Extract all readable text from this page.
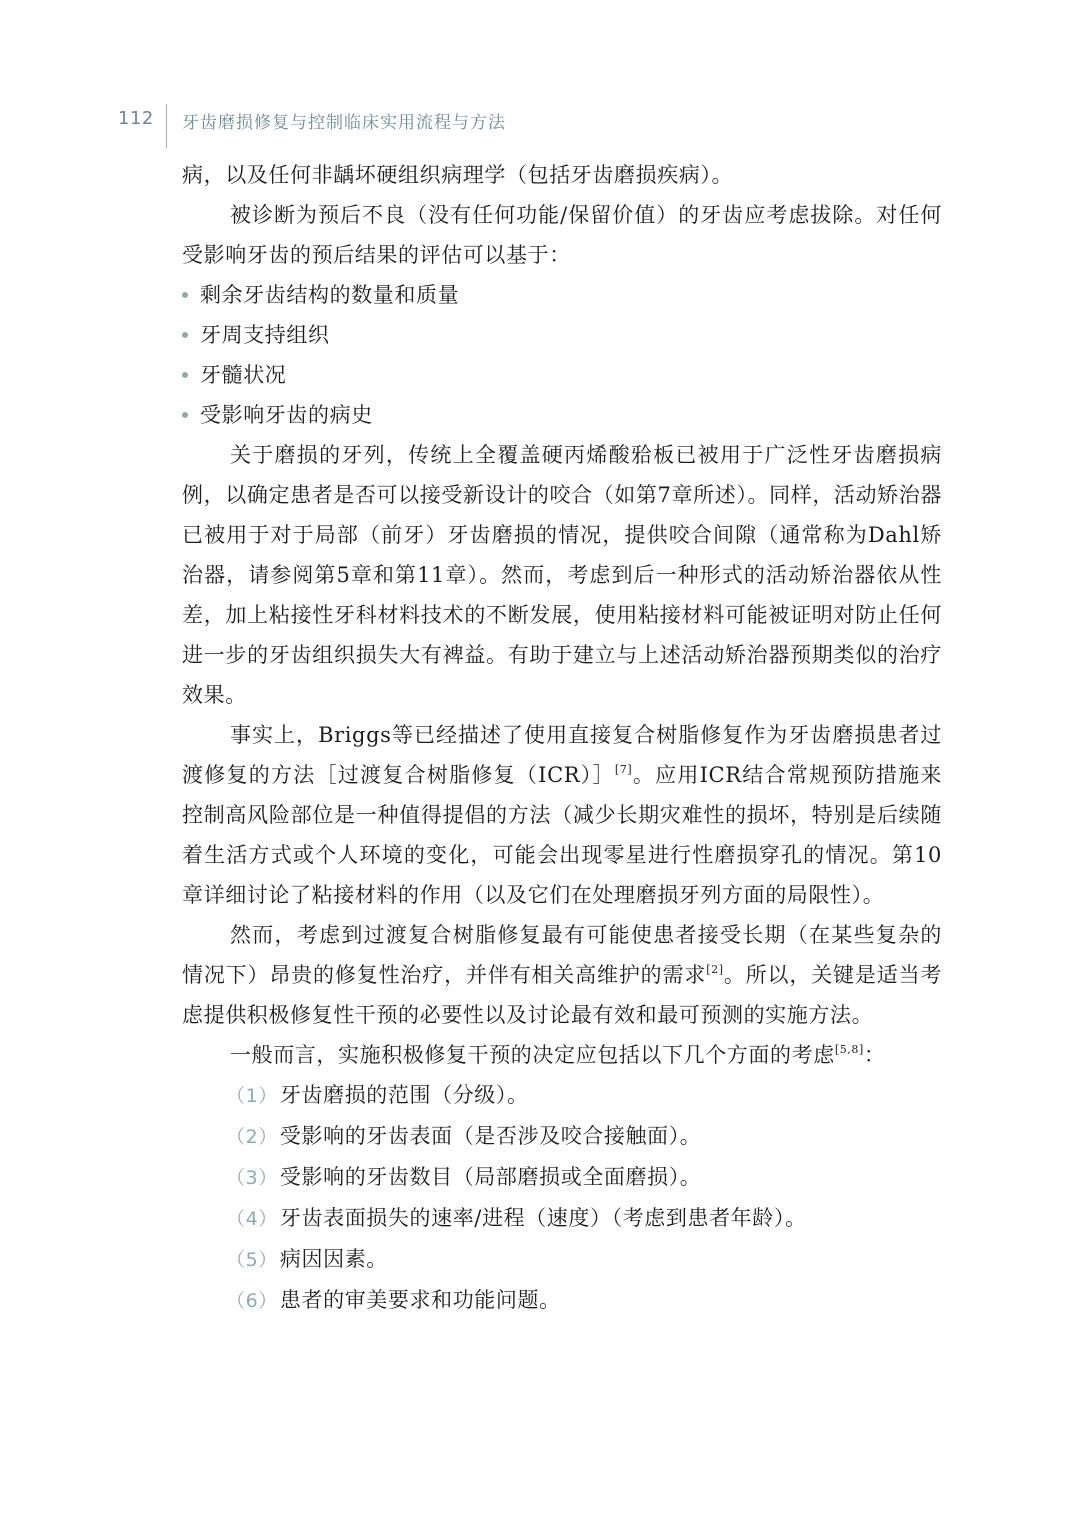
112 牙齿磨损修复与控制临床实用流程与方法

病，以及任何非龋坏硬组织病理学（包括牙齿磨损疾病）。

被诊断为预后不良（没有任何功能/保留价值）的牙齿应考虑拔除。对任何受影响牙齿的预后结果的评估可以基于：

剩余牙齿结构的数量和质量

牙周支持组织

牙髓状况

受影响牙齿的病史

关于磨损的牙列，传统上全覆盖硬丙烯酸𬌗板已被用于广泛性牙齿磨损病例，以确定患者是否可以接受新设计的咬合（如第7章所述）。同样，活动矫治器已被用于对于局部（前牙）牙齿磨损的情况，提供咬合间隙（通常称为Dahl矫治器，请参阅第5章和第11章）。然而，考虑到后一种形式的活动矫治器依从性差，加上粘接性牙科材料技术的不断发展，使用粘接材料可能被证明对防止任何进一步的牙齿组织损失大有裨益。有助于建立与上述活动矫治器预期类似的治疗效果。

事实上，Briggs等已经描述了使用直接复合树脂修复作为牙齿磨损患者过渡修复的方法［过渡复合树脂修复（ICR）］[7]。应用ICR结合常规预防措施来控制高风险部位是一种值得提倡的方法（减少长期灾难性的损坏，特别是后续随着生活方式或个人环境的变化，可能会出现零星进行性磨损穿孔的情况。第10章详细讨论了粘接材料的作用（以及它们在处理磨损牙列方面的局限性）。

然而，考虑到过渡复合树脂修复最有可能使患者接受长期（在某些复杂的情况下）昂贵的修复性治疗，并伴有相关高维护的需求[2]。所以，关键是适当考虑提供积极修复性干预的必要性以及讨论最有效和最可预测的实施方法。

一般而言，实施积极修复干预的决定应包括以下几个方面的考虑[5,8]：

（1）牙齿磨损的范围（分级）。

（2）受影响的牙齿表面（是否涉及咬合接触面）。

（3）受影响的牙齿数目（局部磨损或全面磨损）。

（4）牙齿表面损失的速率/进程（速度）（考虑到患者年龄）。

（5）病因因素。

（6）患者的审美要求和功能问题。
